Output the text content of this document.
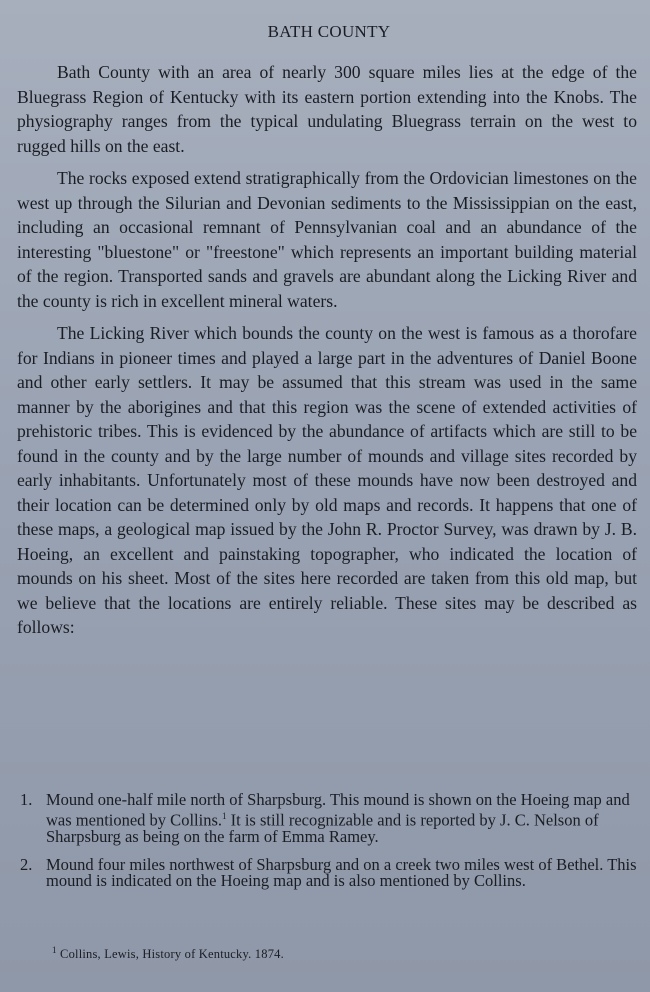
BATH COUNTY

Bath County with an area of nearly 300 square miles lies at the edge of the Bluegrass Region of Kentucky with its eastern portion extending into the Knobs. The physiography ranges from the typical undulating Bluegrass terrain on the west to rugged hills on the east.

The rocks exposed extend stratigraphically from the Ordovician limestones on the west up through the Silurian and Devonian sediments to the Mississippian on the east, including an occasional remnant of Pennsylvanian coal and an abundance of the interesting "bluestone" or "freestone" which represents an important building material of the region. Transported sands and gravels are abundant along the Licking River and the county is rich in excellent mineral waters.

The Licking River which bounds the county on the west is famous as a thorofare for Indians in pioneer times and played a large part in the adventures of Daniel Boone and other early settlers. It may be assumed that this stream was used in the same manner by the aborigines and that this region was the scene of extended activities of prehistoric tribes. This is evidenced by the abundance of artifacts which are still to be found in the county and by the large number of mounds and village sites recorded by early inhabitants. Unfortunately most of these mounds have now been destroyed and their location can be determined only by old maps and records. It happens that one of these maps, a geological map issued by the John R. Proctor Survey, was drawn by J. B. Hoeing, an excellent and painstaking topographer, who indicated the location of mounds on his sheet. Most of the sites here recorded are taken from this old map, but we believe that the locations are entirely reliable. These sites may be described as follows:

1. Mound one-half mile north of Sharpsburg. This mound is shown on the Hoeing map and was mentioned by Collins.$^1$ It is still recognizable and is reported by J. C. Nelson of Sharpsburg as being on the farm of Emma Ramey.
2. Mound four miles northwest of Sharpsburg and on a creek two miles west of Bethel. This mound is indicated on the Hoeing map and is also mentioned by Collins.
$^1$ Collins, Lewis, History of Kentucky. 1874.
